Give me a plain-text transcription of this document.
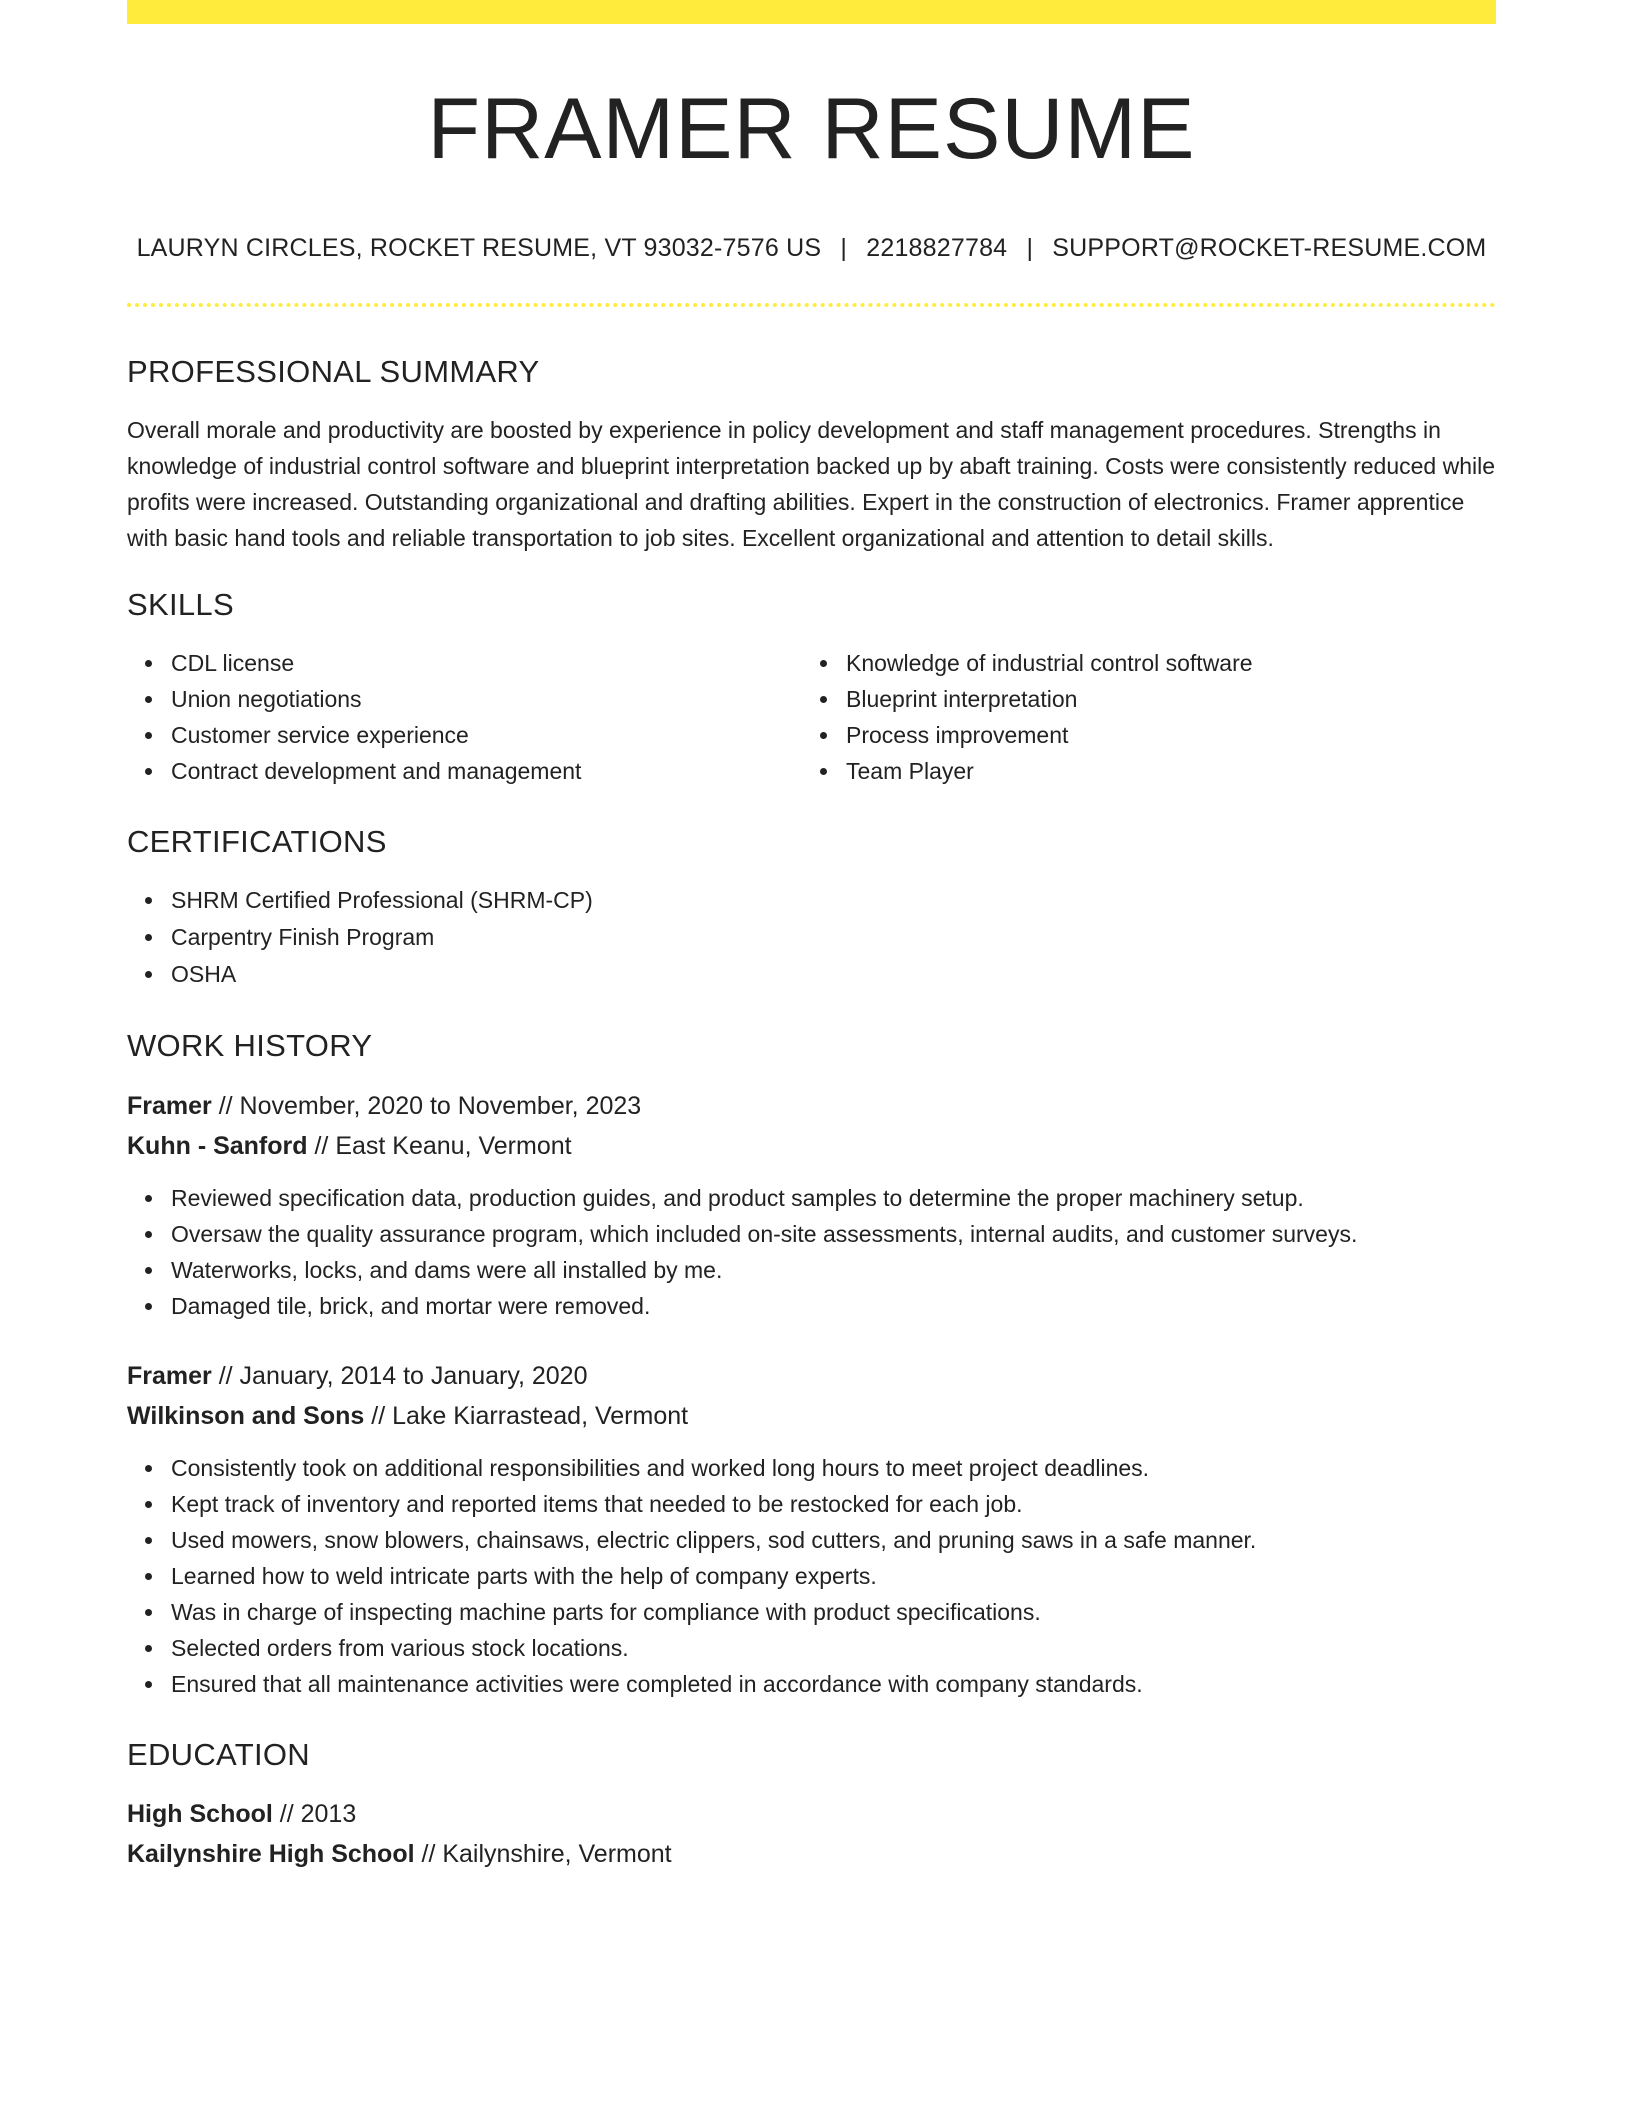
FRAMER RESUME
LAURYN CIRCLES, ROCKET RESUME, VT 93032-7576 US | 2218827784 | SUPPORT@ROCKET-RESUME.COM
PROFESSIONAL SUMMARY
Overall morale and productivity are boosted by experience in policy development and staff management procedures. Strengths in knowledge of industrial control software and blueprint interpretation backed up by abaft training. Costs were consistently reduced while profits were increased. Outstanding organizational and drafting abilities. Expert in the construction of electronics. Framer apprentice with basic hand tools and reliable transportation to job sites. Excellent organizational and attention to detail skills.
SKILLS
CDL license
Union negotiations
Customer service experience
Contract development and management
Knowledge of industrial control software
Blueprint interpretation
Process improvement
Team Player
CERTIFICATIONS
SHRM Certified Professional (SHRM-CP)
Carpentry Finish Program
OSHA
WORK HISTORY
Framer // November, 2020 to November, 2023
Kuhn - Sanford // East Keanu, Vermont
Reviewed specification data, production guides, and product samples to determine the proper machinery setup.
Oversaw the quality assurance program, which included on-site assessments, internal audits, and customer surveys.
Waterworks, locks, and dams were all installed by me.
Damaged tile, brick, and mortar were removed.
Framer // January, 2014 to January, 2020
Wilkinson and Sons // Lake Kiarrastead, Vermont
Consistently took on additional responsibilities and worked long hours to meet project deadlines.
Kept track of inventory and reported items that needed to be restocked for each job.
Used mowers, snow blowers, chainsaws, electric clippers, sod cutters, and pruning saws in a safe manner.
Learned how to weld intricate parts with the help of company experts.
Was in charge of inspecting machine parts for compliance with product specifications.
Selected orders from various stock locations.
Ensured that all maintenance activities were completed in accordance with company standards.
EDUCATION
High School // 2013
Kailynshire High School // Kailynshire, Vermont
